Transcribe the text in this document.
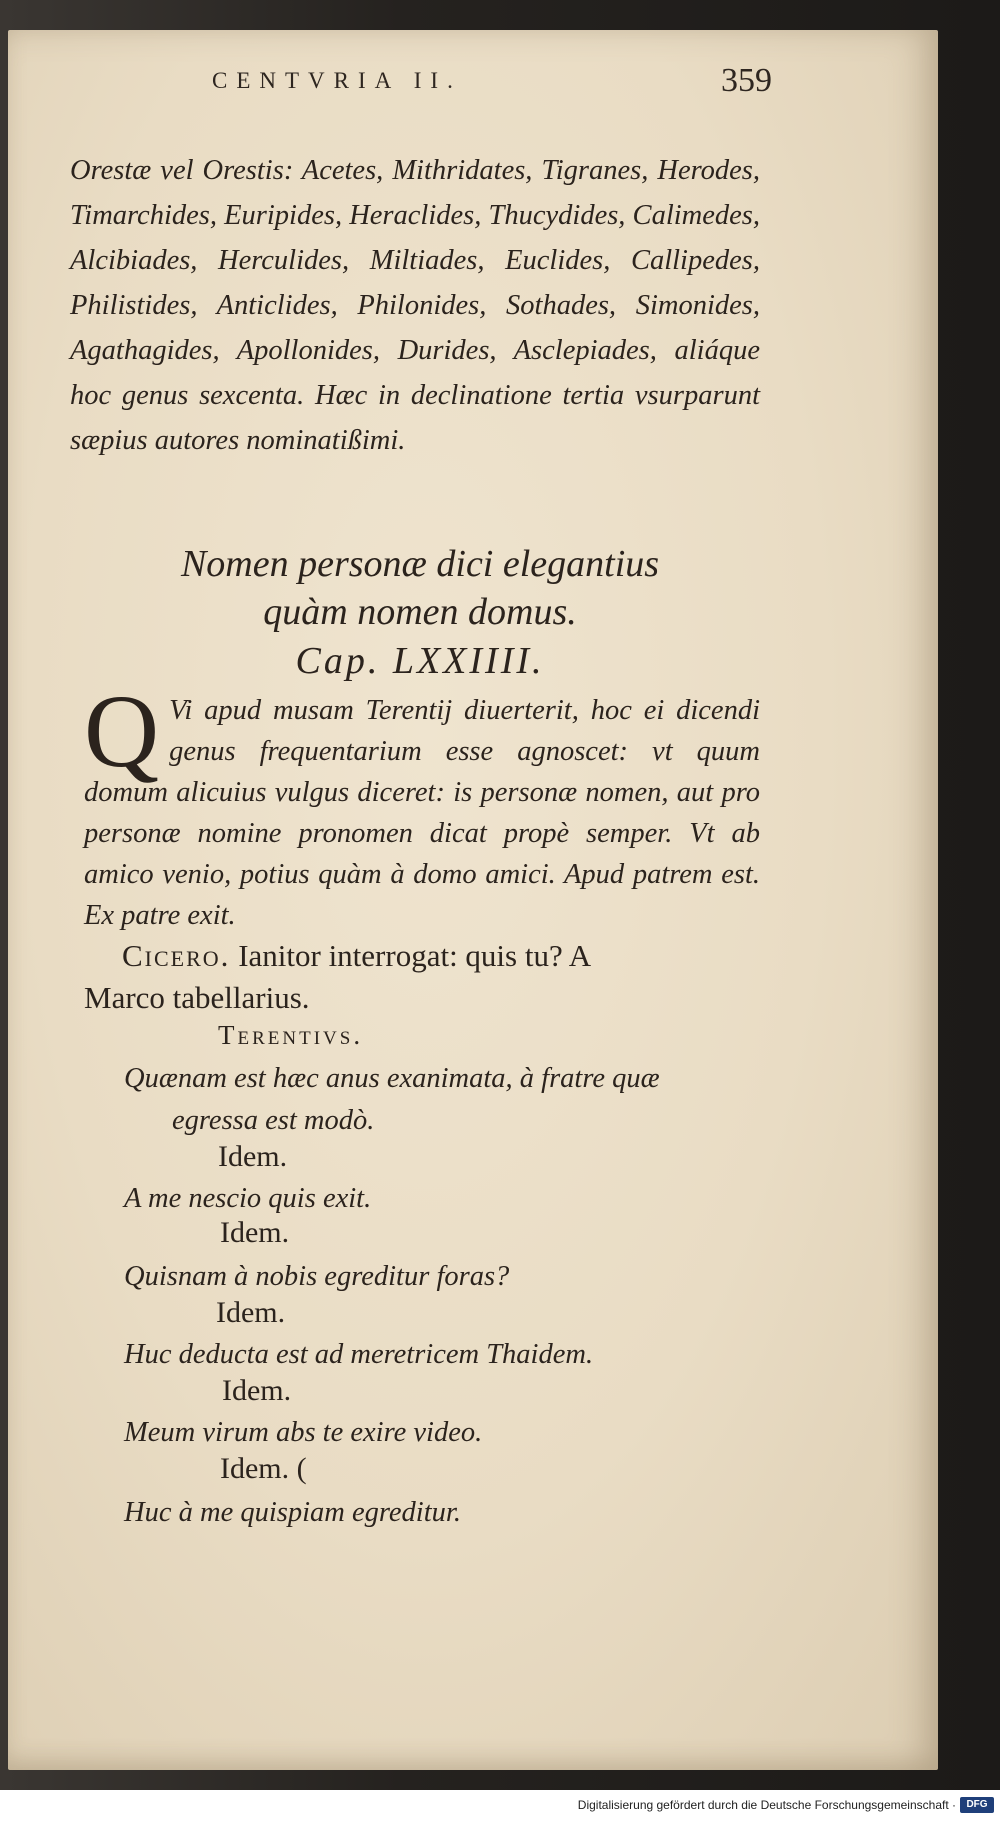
CENTVRIA II.	359

Orestæ vel Orestis: Acetes, Mithridates, Tigranes, Herodes, Timarchides, Euripides, Heraclides, Thucydides, Calimedes, Alcibiades, Herculides, Miltiades, Euclides, Callipedes, Philistides, Anticlides, Philonides, Sothades, Simonides, Agathagides, Apollonides, Durides, Asclepiades, aliáque hoc genus sexcenta. Hæc in declinatione tertia vsurparunt sæpius autores nominatißimi.

Nomen personæ dici elegantius
quàm nomen domus.
Cap. LXXIIII.

Q Vi apud musam Terentij diuerterit, hoc ei dicendi genus frequentarium esse agnoscet: vt quum domum alicuius vulgus diceret: is personæ nomen, aut pro personæ nomine pronomen dicat propè semper. Vt ab amico venio, potius quàm à domo amici. Apud patrem est. Ex patre exit.

Cicero. Ianitor interrogat: quis tu? A
Marco tabellarius.

Terentivs.
Quænam est hæc anus exanimata, à fratre quæ
egressa est modò.
Idem.
A me nescio quis exit.
Idem.
Quisnam à nobis egreditur foras?
Idem.
Huc deducta est ad meretricem Thaidem.
Idem.
Meum virum abs te exire video.
Idem. (
Huc à me quispiam egreditur.
Digitalisierung gefördert durch die Deutsche Forschungsgemeinschaft ·	DFG
